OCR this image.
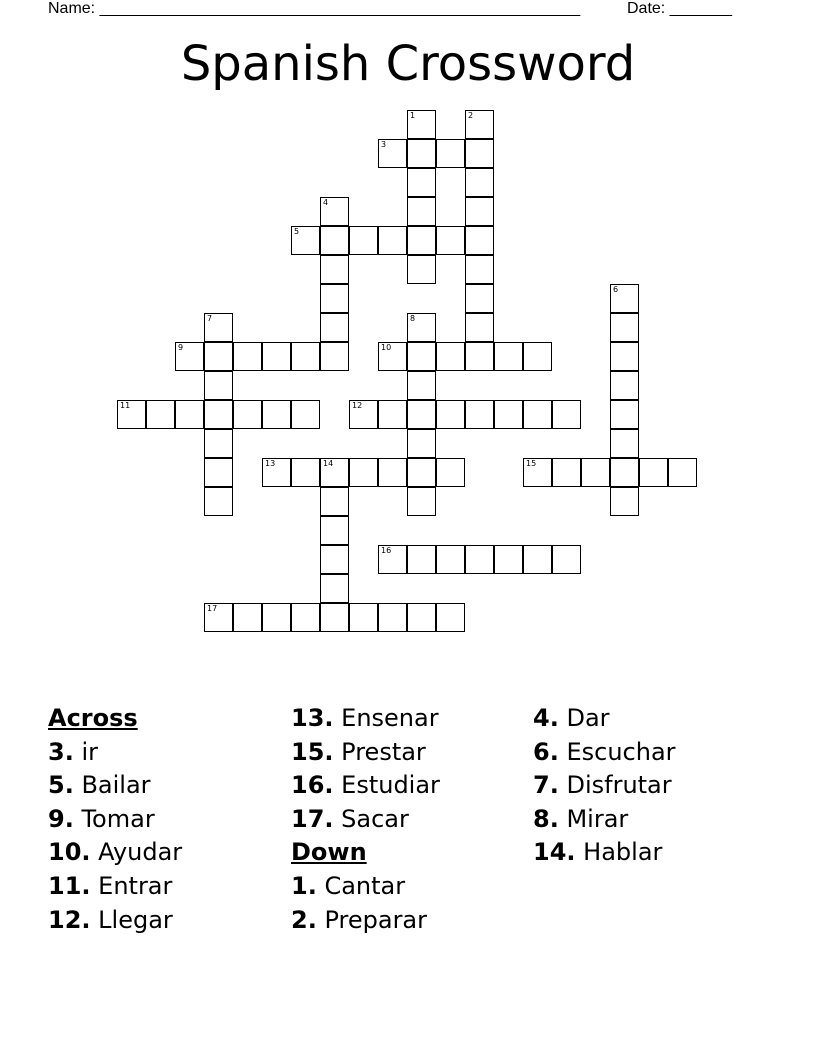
Name: ______________________________________________________	Date: _______
Spanish Crossword
1	2
3
4
5
6
7	8
9	10
11	12
13	14	15
16
17
Across
3. ir
5. Bailar
9. Tomar
10. Ayudar
11. Entrar
12. Llegar
13. Ensenar
15. Prestar
16. Estudiar
17. Sacar
Down
1. Cantar
2. Preparar
4. Dar
6. Escuchar
7. Disfrutar
8. Mirar
14. Hablar
